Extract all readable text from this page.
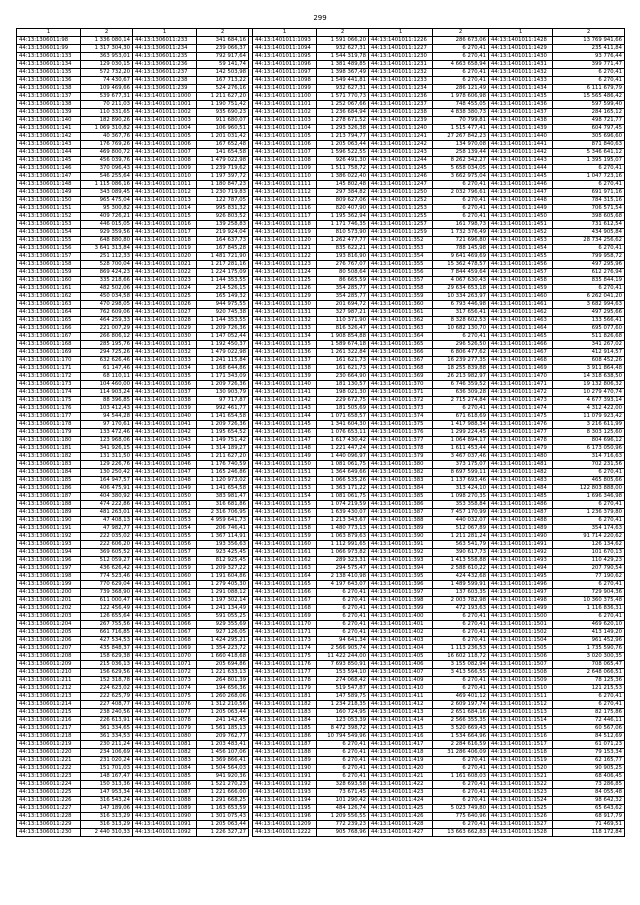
299
1	2	1	2		1	2	1	2	1	2
44:13:1306011:98	1 336 080,14	44:13:1306011:233	341 684,16		44:13:1401011:1093	1 591 066,20	44:13:1401011:1226	286 673,06	44:13:1401011:1428	13 769 941,66
44:13:1306011:99	1 317 304,30	44:13:1306011:234	239 066,37		44:13:1401011:1094	932 627,31	44:13:1401011:1227	6 270,41	44:13:1401011:1429	235 411,84
44:13:1306011:133	363 953,01	44:13:1306011:235	792 917,64		44:13:1401011:1095	1 544 319,78	44:13:1401011:1230	6 270,41	44:13:1401011:1430	93 776,44
44:13:1306011:134	129 030,15	44:13:1306011:236	59 141,74		44:13:1401011:1096	1 381 489,85	44:13:1401011:1231	4 663 658,94	44:13:1401011:1431	399 771,47
44:13:1306011:135	572 732,20	44:13:1306011:237	142 503,98		44:13:1401011:1097	1 398 367,49	44:13:1401011:1232	6 270,41	44:13:1401011:1432	6 270,41
44:13:1306011:136	74 430,67	44:13:1306011:238	167 713,22		44:13:1401011:1098	1 549 441,81	44:13:1401011:1233	6 270,41	44:13:1401011:1433	6 270,41
44:13:1306011:138	109 469,66	44:13:1306011:239	524 276,16		44:13:1401011:1099	932 627,31	44:13:1401011:1234	286 121,49	44:13:1401011:1434	6 111 679,79
44:13:1306011:137	539 677,31	44:13:1401011:1000	1 211 627,20		44:13:1401011:1100	1 571 770,73	44:13:1401011:1236	1 978 606,98	44:13:1401011:1435	15 565 486,42
44:13:1306011:138	70 211,03	44:13:1401011:1001	1 190 751,42		44:13:1401011:1101	1 252 067,66	44:13:1401011:1237	748 455,05	44:13:1401011:1436	597 599,40
44:13:1306011:139	110 331,65	44:13:1401011:1002	935 690,23		44:13:1401011:1102	1 236 684,94	44:13:1401011:1238	4 838 380,73	44:13:1401011:1437	284 165,12
44:13:1306011:140	182 890,26	44:13:1401011:1003	911 680,07		44:13:1401011:1103	1 278 671,52	44:13:1401011:1239	70 799,81	44:13:1401011:1438	498 721,77
44:13:1306011:141	1 069 310,82	44:13:1401011:1004	106 960,51		44:13:1401011:1104	1 293 326,38	44:13:1401011:1240	1 515 477,41	44:13:1401011:1439	604 797,45
44:13:1306011:142	40 367,76	44:13:1401011:1005	1 201 031,42		44:13:1401011:1105	1 213 794,77	44:13:1401011:1241	27 267 842,23	44:13:1401011:1440	305 696,60
44:13:1306011:143	176 769,26	44:13:1401011:1006	167 652,48		44:13:1401011:1106	1 205 063,44	44:13:1401011:1242	134 970,08	44:13:1401011:1441	871 840,63
44:13:1306011:144	469 800,72	44:13:1401011:1007	141 654,58		44:13:1401011:1107	1 596 522,55	44:13:1401011:1243	258 139,44	44:13:1401011:1442	5 346 641,12
44:13:1306011:145	456 039,76	44:13:1401011:1008	1 479 022,98		44:13:1401011:1108	926 491,30	44:13:1401011:1244	8 262 342,27	44:13:1401011:1443	1 395 195,07
44:13:1306011:146	370 096,43	44:13:1401011:1009	1 239 719,62		44:13:1401011:1109	1 511 758,72	44:13:1401011:1245	5 658 034,05	44:13:1401011:1444	6 270,41
44:13:1306011:147	546 255,64	44:13:1401011:1010	1 197 397,72		44:13:1401011:1110	1 386 022,40	44:13:1401011:1246	3 662 975,04	44:13:1401011:1445	1 047 723,16
44:13:1306011:148	1 115 086,16	44:13:1401011:1011	1 180 847,23		44:13:1401011:1111	145 802,48	44:13:1401011:1247	6 270,41	44:13:1401011:1446	6 270,41
44:13:1306011:149	343 089,45	44:13:1401011:1012	1 230 719,83		44:13:1401011:1112	297 384,82	44:13:1401011:1250	2 032 796,61	44:13:1401011:1447	691 971,16
44:13:1306011:150	965 475,04	44:13:1401011:1013	122 787,05		44:13:1401011:1115	809 627,06	44:13:1401011:1252	6 270,41	44:13:1401011:1448	784 315,16
44:13:1306011:151	95 300,82	44:13:1401011:1014	995 831,32		44:13:1401011:1116	820 407,90	44:13:1401011:1253	6 270,41	44:13:1401011:1449	706 571,54
44:13:1306011:152	409 726,21	44:13:1401011:1015	926 803,52		44:13:1401011:1117	1 195 362,94	44:13:1401011:1255	6 270,41	44:13:1401011:1450	398 605,68
44:13:1306011:153	446 015,05	44:13:1401011:1016	139 258,83		44:13:1401011:1118	1 171 746,35	44:13:1401011:1257	161 798,73	44:13:1401011:1451	731 612,54
44:13:1306011:154	929 359,56	44:13:1401011:1017	219 924,04		44:13:1401011:1119	810 573,90	44:13:1401011:1259	1 732 376,49	44:13:1401011:1452	434 905,84
44:13:1306011:155	648 880,80	44:13:1401011:1018	164 637,73		44:13:1401011:1120	1 262 477,77	44:13:1401011:352	721 696,80	44:13:1401011:1453	28 734 256,62
44:13:1306011:156	3 641 313,84	44:13:1401011:1019	167 845,28		44:13:1401011:1121	835 622,21	44:13:1401011:353	788 145,98	44:13:1401011:1454	6 270,41
44:13:1306011:157	251 112,33	44:13:1401011:1020	1 481 721,90		44:13:1401011:1122	193 816,90	44:13:1401011:354	9 641 469,69	44:13:1401011:1455	799 958,72
44:13:1306011:158	528 700,04	44:13:1401011:1021	1 217 281,16		44:13:1401011:1123	276 767,07	44:13:1401011:355	15 362 478,57	44:13:1401011:1456	497 295,96
44:13:1306011:159	869 424,23	44:13:1401011:1022	1 224 175,09		44:13:1401011:1124	80 508,64	44:13:1401011:356	7 844 459,64	44:13:1401011:1457	612 276,94
44:13:1306011:160	335 218,66	44:13:1401011:1023	1 144 353,55		44:13:1401011:1125	86 665,59	44:13:1401011:357	4 067 630,43	44:13:1401011:1458	835 844,19
44:13:1306011:161	482 502,06	44:13:1401011:1024	214 526,15		44:13:1401011:1126	354 285,77	44:13:1401011:358	29 634 653,18	44:13:1401011:1459	6 270,41
44:13:1306011:162	450 034,58	44:13:1401011:1025	165 149,32		44:13:1401011:1129	354 285,77	44:13:1401011:359	10 334 263,97	44:13:1401011:1460	6 262 041,20
44:13:1306011:163	470 298,05	44:13:1401011:1026	944 975,55		44:13:1401011:1130	201 694,72	44:13:1401011:360	6 793 446,98	44:13:1401011:1461	3 682 994,63
44:13:1306011:164	762 609,06	44:13:1401011:1027	920 745,38		44:13:1401011:1131	327 987,21	44:13:1401011:361	317 656,41	44:13:1401011:1462	497 295,66
44:13:1306011:165	464 259,33	44:13:1401011:1028	1 144 353,55		44:13:1401011:1132	110 371,90	44:13:1401011:362	8 328 602,53	44:13:1401011:1463	133 566,41
44:13:1306011:166	221 007,29	44:13:1401011:1029	1 209 726,36		44:13:1401011:1133	816 326,47	44:13:1401011:363	10 682 130,70	44:13:1401011:1464	695 077,60
44:13:1306011:167	266 806,12	44:13:1401011:1030	1 147 052,44		44:13:1401011:1134	1 908 854,88	44:13:1401011:364	6 270,41	44:13:1401011:1465	511 826,68
44:13:1306011:168	285 195,76	44:13:1401011:1031	1 192 450,37		44:13:1401011:1135	1 589 674,18	44:13:1401011:365	296 526,50	44:13:1401011:1466	341 267,02
44:13:1306011:169	294 725,26	44:13:1401011:1032	1 479 022,98		44:13:1401011:1136	1 261 322,84	44:13:1401011:366	6 806 477,62	44:13:1401011:1467	412 914,57
44:13:1306011:170	632 626,46	44:13:1401011:1033	1 241 115,84		44:13:1401011:1137	161 621,73	44:13:1401011:367	16 239 277,35	44:13:1401011:1468	608 452,26
44:13:1306011:171	61 147,46	44:13:1401011:1034	1 168 644,86		44:13:1401011:1138	161 621,73	44:13:1401011:368	18 255 839,88	44:13:1401011:1469	3 911 864,48
44:13:1306011:172	68 110,11	44:13:1401011:1035	1 171 343,09		44:13:1401011:1139	230 664,90	44:13:1401011:369	26 213 982,97	44:13:1401011:1470	14 318 638,50
44:13:1306011:173	104 460,00	44:13:1401011:1036	1 209 726,36		44:13:1401011:1140	181 130,57	44:13:1401011:370	6 746 359,52	44:13:1401011:1471	19 132 806,32
44:13:1306011:174	114 903,24	44:13:1401011:1037	130 903,79		44:13:1401011:1141	198 021,30	44:13:1401011:371	636 309,28	44:13:1401011:1472	10 279 470,74
44:13:1306011:175	88 396,85	44:13:1401011:1038	97 717,87		44:13:1401011:1142	229 672,75	44:13:1401011:372	2 715 274,84	44:13:1401011:1473	4 677 393,14
44:13:1306011:176	103 412,43	44:13:1401011:1039	992 461,77		44:13:1401011:1143	181 505,69	44:13:1401011:373	6 270,41	44:13:1401011:1474	4 312 422,00
44:13:1306011:177	94 544,28	44:13:1401011:1040	1 141 654,58		44:13:1401011:1144	1 071 658,57	44:13:1401011:374	671 618,69	44:13:1401011:1475	11 079 923,42
44:13:1306011:178	97 170,61	44:13:1401011:1041	1 209 726,36		44:13:1401011:1145	1 341 604,30	44:13:1401011:375	1 417 988,34	44:13:1401011:1476	3 216 611,99
44:13:1306011:179	133 472,46	44:13:1401011:1042	1 195 654,52		44:13:1401011:1146	1 076 653,11	44:13:1401011:376	1 299 224,45	44:13:1401011:1477	8 303 125,60
44:13:1306011:180	123 968,06	44:13:1401011:1043	1 149 751,42		44:13:1401011:1147	1 617 430,42	44:13:1401011:377	1 064 894,17	44:13:1401011:1478	804 696,12
44:13:1306011:181	341 926,15	44:13:1401011:1044	1 314 189,27		44:13:1401011:1148	1 221 447,24	44:13:1401011:378	1 611 453,44	44:13:1401011:1479	6 173 050,96
44:13:1306011:182	131 311,50	44:13:1401011:1045	1 211 627,20		44:13:1401011:1149	1 440 096,97	44:13:1401011:379	3 467 037,46	44:13:1401011:1480	314 716,63
44:13:1306011:183	129 226,76	44:13:1401011:1046	1 176 740,59		44:13:1401011:1150	1 081 061,75	44:13:1401011:380	373 175,07	44:13:1401011:1481	702 231,56
44:13:1306011:184	130 250,42	44:13:1401011:1047	1 165 246,86		44:13:1401011:1151	1 364 649,66	44:13:1401011:382	8 697 599,11	44:13:1401011:1482	6 270,41
44:13:1306011:185	164 947,57	44:13:1401011:1048	1 120 973,02		44:13:1401011:1152	1 066 535,26	44:13:1401011:383	1 137 693,46	44:13:1401011:1483	465 805,66
44:13:1306011:186	406 475,91	44:13:1401011:1049	1 141 654,58		44:13:1401011:1153	1 363 171,22	44:13:1401011:384	313 424,10	44:13:1401011:1484	122 803 888,00
44:13:1306011:187	404 380,92	44:13:1401011:1050	383 981,47		44:13:1401011:1154	1 081 061,75	44:13:1401011:385	1 098 270,35	44:13:1401011:1485	1 696 346,98
44:13:1306011:188	474 222,86	44:13:1401011:1051	316 681,86		44:13:1401011:1155	1 074 219,59	44:13:1401011:386	353 358,84	44:13:1401011:1486	6 270,41
44:13:1306011:189	481 263,01	44:13:1401011:1052	2 316 706,95		44:13:1401011:1156	1 639 430,07	44:13:1401011:387	7 457 170,99	44:13:1401011:1487	1 236 379,80
44:13:1306011:190	47 408,13	44:13:1401011:1053	4 959 641,73		44:13:1401011:1157	1 213 343,67	44:13:1401011:388	440 032,07	44:13:1401011:1488	6 270,41
44:13:1306011:191	47 982,77	44:13:1401011:1054	206 746,41		44:13:1401011:1158	1 480 773,13	44:13:1401011:389	512 067,89	44:13:1401011:1489	354 174,63
44:13:1306011:192	222 035,02	44:13:1401011:1055	1 367 114,91		44:13:1401011:1159	1 063 879,63	44:13:1401011:390	1 211 281,24	44:13:1401011:1490	91 714 220,62
44:13:1306011:193	222 606,20	44:13:1401011:1056	193 356,63		44:13:1401011:1160	1 112 991,65	44:13:1401011:391	563 541,79	44:13:1401011:1491	126 134,62
44:13:1306011:194	369 605,52	44:13:1401011:1057	923 425,45		44:13:1401011:1161	1 066 973,82	44:13:1401011:392	390 617,73	44:13:1401011:1492	101 670,13
44:13:1306011:196	512 059,27	44:13:1401011:1058	812 925,45		44:13:1401011:1162	289 323,31	44:13:1401011:393	1 413 558,88	44:13:1401011:1493	110 429,23
44:13:1306011:197	436 626,42	44:13:1401011:1059	1 209 327,22		44:13:1401011:1163	294 575,47	44:13:1401011:394	2 588 610,22	44:13:1401011:1494	207 790,54
44:13:1306011:198	774 523,46	44:13:1401011:1060	1 191 604,86		44:13:1401011:1164	2 138 410,98	44:13:1401011:395	424 432,68	44:13:1401011:1495	77 190,62
44:13:1306011:199	770 629,04	44:13:1401011:1061	1 279 405,30		44:13:1401011:1165	4 197 643,07	44:13:1401011:396	1 489 599,91	44:13:1401011:1496	6 270,41
44:13:1306011:200	739 368,90	44:13:1401011:1062	1 291 088,12		44:13:1401011:1166	6 270,41	44:13:1401011:397	137 603,35	44:13:1401011:1497	729 904,36
44:13:1306011:201	611 000,47	44:13:1401011:1063	1 197 302,14		44:13:1401011:1167	6 270,41	44:13:1401011:398	2 003 782,98	44:13:1401011:1498	10 360 375,48
44:13:1306011:202	122 456,49	44:13:1401011:1064	1 241 134,49		44:13:1401011:1168	6 270,41	44:13:1401011:399	472 193,63	44:13:1401011:1499	1 116 836,31
44:13:1306011:203	126 655,64	44:13:1401011:1065	591 055,25		44:13:1401011:1169	6 270,41	44:13:1401011:400	6 270,41	44:13:1401011:1500	6 270,41
44:13:1306011:204	267 755,56	44:13:1401011:1066	929 355,69		44:13:1401011:1170	6 270,41	44:13:1401011:401	6 270,41	44:13:1401011:1501	469 620,10
44:13:1306011:205	661 716,85	44:13:1401011:1067	927 126,05		44:13:1401011:1171	6 270,41	44:13:1401011:402	6 270,41	44:13:1401011:1502	413 149,20
44:13:1306011:206	427 534,53	44:13:1401011:1068	1 424 295,21		44:13:1401011:1173	94 641,34	44:13:1401011:403	6 270,41	44:13:1401011:1504	961 452,96
44:13:1306011:207	435 848,37	44:13:1401011:1069	1 354 223,72		44:13:1401011:1174	2 566 905,74	44:13:1401011:404	1 113 236,53	44:13:1401011:1505	1 735 590,76
44:13:1306011:208	158 629,38	44:13:1401011:1070	1 660 418,68		44:13:1401011:1175	11 422 244,00	44:13:1401011:405	16 602 118,72	44:13:1401011:1506	3 020 300,35
44:13:1306011:209	215 036,13	44:13:1401011:1071	205 694,86		44:13:1401011:1176	7 693 850,91	44:13:1401011:406	3 155 082,94	44:13:1401011:1507	708 065,47
44:13:1306011:210	156 629,56	44:13:1401011:1072	1 221 633,13		44:13:1401011:1177	153 594,10	44:13:1401011:407	3 413 566,55	44:13:1401011:1508	2 648 066,51
44:13:1306011:211	152 318,78	44:13:1401011:1073	264 801,39		44:13:1401011:1178	274 068,42	44:13:1401011:409	6 270,41	44:13:1401011:1509	78 125,36
44:13:1306011:212	224 623,02	44:13:1401011:1074	194 656,36		44:13:1401011:1179	519 547,87	44:13:1401011:410	6 270,41	44:13:1401011:1510	121 215,53
44:13:1306011:213	222 625,79	44:13:1401011:1075	1 260 268,06		44:13:1401011:1181	147 589,75	44:13:1401011:411	469 401,12	44:13:1401011:1511	6 270,41
44:13:1306011:214	227 408,77	44:13:1401011:1076	1 312 210,56		44:13:1401011:1182	1 234 218,35	44:13:1401011:412	2 609 197,74	44:13:1401011:1512	6 270,41
44:13:1306011:215	238 240,56	44:13:1401011:1077	1 205 063,44		44:13:1401011:1183	160 724,95	44:13:1401011:413	2 651 684,16	44:13:1401011:1513	82 175,86
44:13:1306011:216	226 613,91	44:13:1401011:1078	241 142,45		44:13:1401011:1184	123 053,39	44:13:1401011:414	2 566 355,35	44:13:1401011:1514	72 446,11
44:13:1306011:217	361 334,65	44:13:1401011:1079	1 561 185,13		44:13:1401011:1185	8 472 398,72	44:13:1401011:415	3 520 669,43	44:13:1401011:1515	60 567,06
44:13:1306011:218	361 334,53	44:13:1401011:1080	209 762,77		44:13:1401011:1186	10 794 549,96	44:13:1401011:416	1 534 664,96	44:13:1401011:1516	84 512,69
44:13:1306011:219	230 211,24	44:13:1401011:1081	1 203 483,41		44:13:1401011:1187	6 270,41	44:13:1401011:417	2 284 616,59	44:13:1401011:1517	61 071,23
44:13:1306011:220	234 106,69	44:13:1401011:1082	1 456 107,06		44:13:1401011:1188	6 270,41	44:13:1401011:418	31 286 406,09	44:13:1401011:1518	79 153,34
44:13:1306011:221	231 020,24	44:13:1401011:1083	1 369 866,41		44:13:1401011:1189	6 270,41	44:13:1401011:419	6 270,41	44:13:1401011:1519	62 165,77
44:13:1306011:222	151 701,03	44:13:1401011:1084	1 504 564,03		44:13:1401011:1190	6 270,41	44:13:1401011:420	6 270,41	44:13:1401011:1520	90 905,25
44:13:1306011:223	148 167,47	44:13:1401011:1085	941 920,36		44:13:1401011:1191	6 270,41	44:13:1401011:421	1 161 608,03	44:13:1401011:1521	68 406,45
44:13:1306011:224	150 313,36	44:13:1401011:1086	1 521 270,23		44:13:1401011:1192	328 693,58	44:13:1401011:422	6 270,41	44:13:1401011:1522	73 286,85
44:13:1306011:225	147 953,34	44:13:1401011:1087	1 221 666,00		44:13:1401011:1193	73 671,45	44:13:1401011:423	6 270,41	44:13:1401011:1523	84 055,48
44:13:1306011:226	316 543,24	44:13:1401011:1088	1 291 668,25		44:13:1401011:1194	101 290,42	44:13:1401011:424	6 270,41	44:13:1401011:1524	98 642,32
44:13:1306011:227	147 189,06	44:13:1401011:1089	1 163 653,59		44:13:1401011:1195	484 126,74	44:13:1401011:425	5 023 749,80	44:13:1401011:1525	65 643,62
44:13:1306011:228	316 313,29	44:13:1401011:1090	1 301 075,43		44:13:1401011:1196	1 209 556,55	44:13:1401011:426	775 640,96	44:13:1401011:1526	68 917,79
44:13:1306011:229	316 313,29	44:13:1401011:1091	1 205 063,44		44:13:1401011:1209	772 239,23	44:13:1401011:428	6 270,41	44:13:1401011:1527	71 469,51
44:13:1306011:230	2 440 310,33	44:13:1401011:1092	1 226 327,27		44:13:1401011:1222	905 768,96	44:13:1401011:427	13 663 662,83	44:13:1401011:1528	118 172,84
